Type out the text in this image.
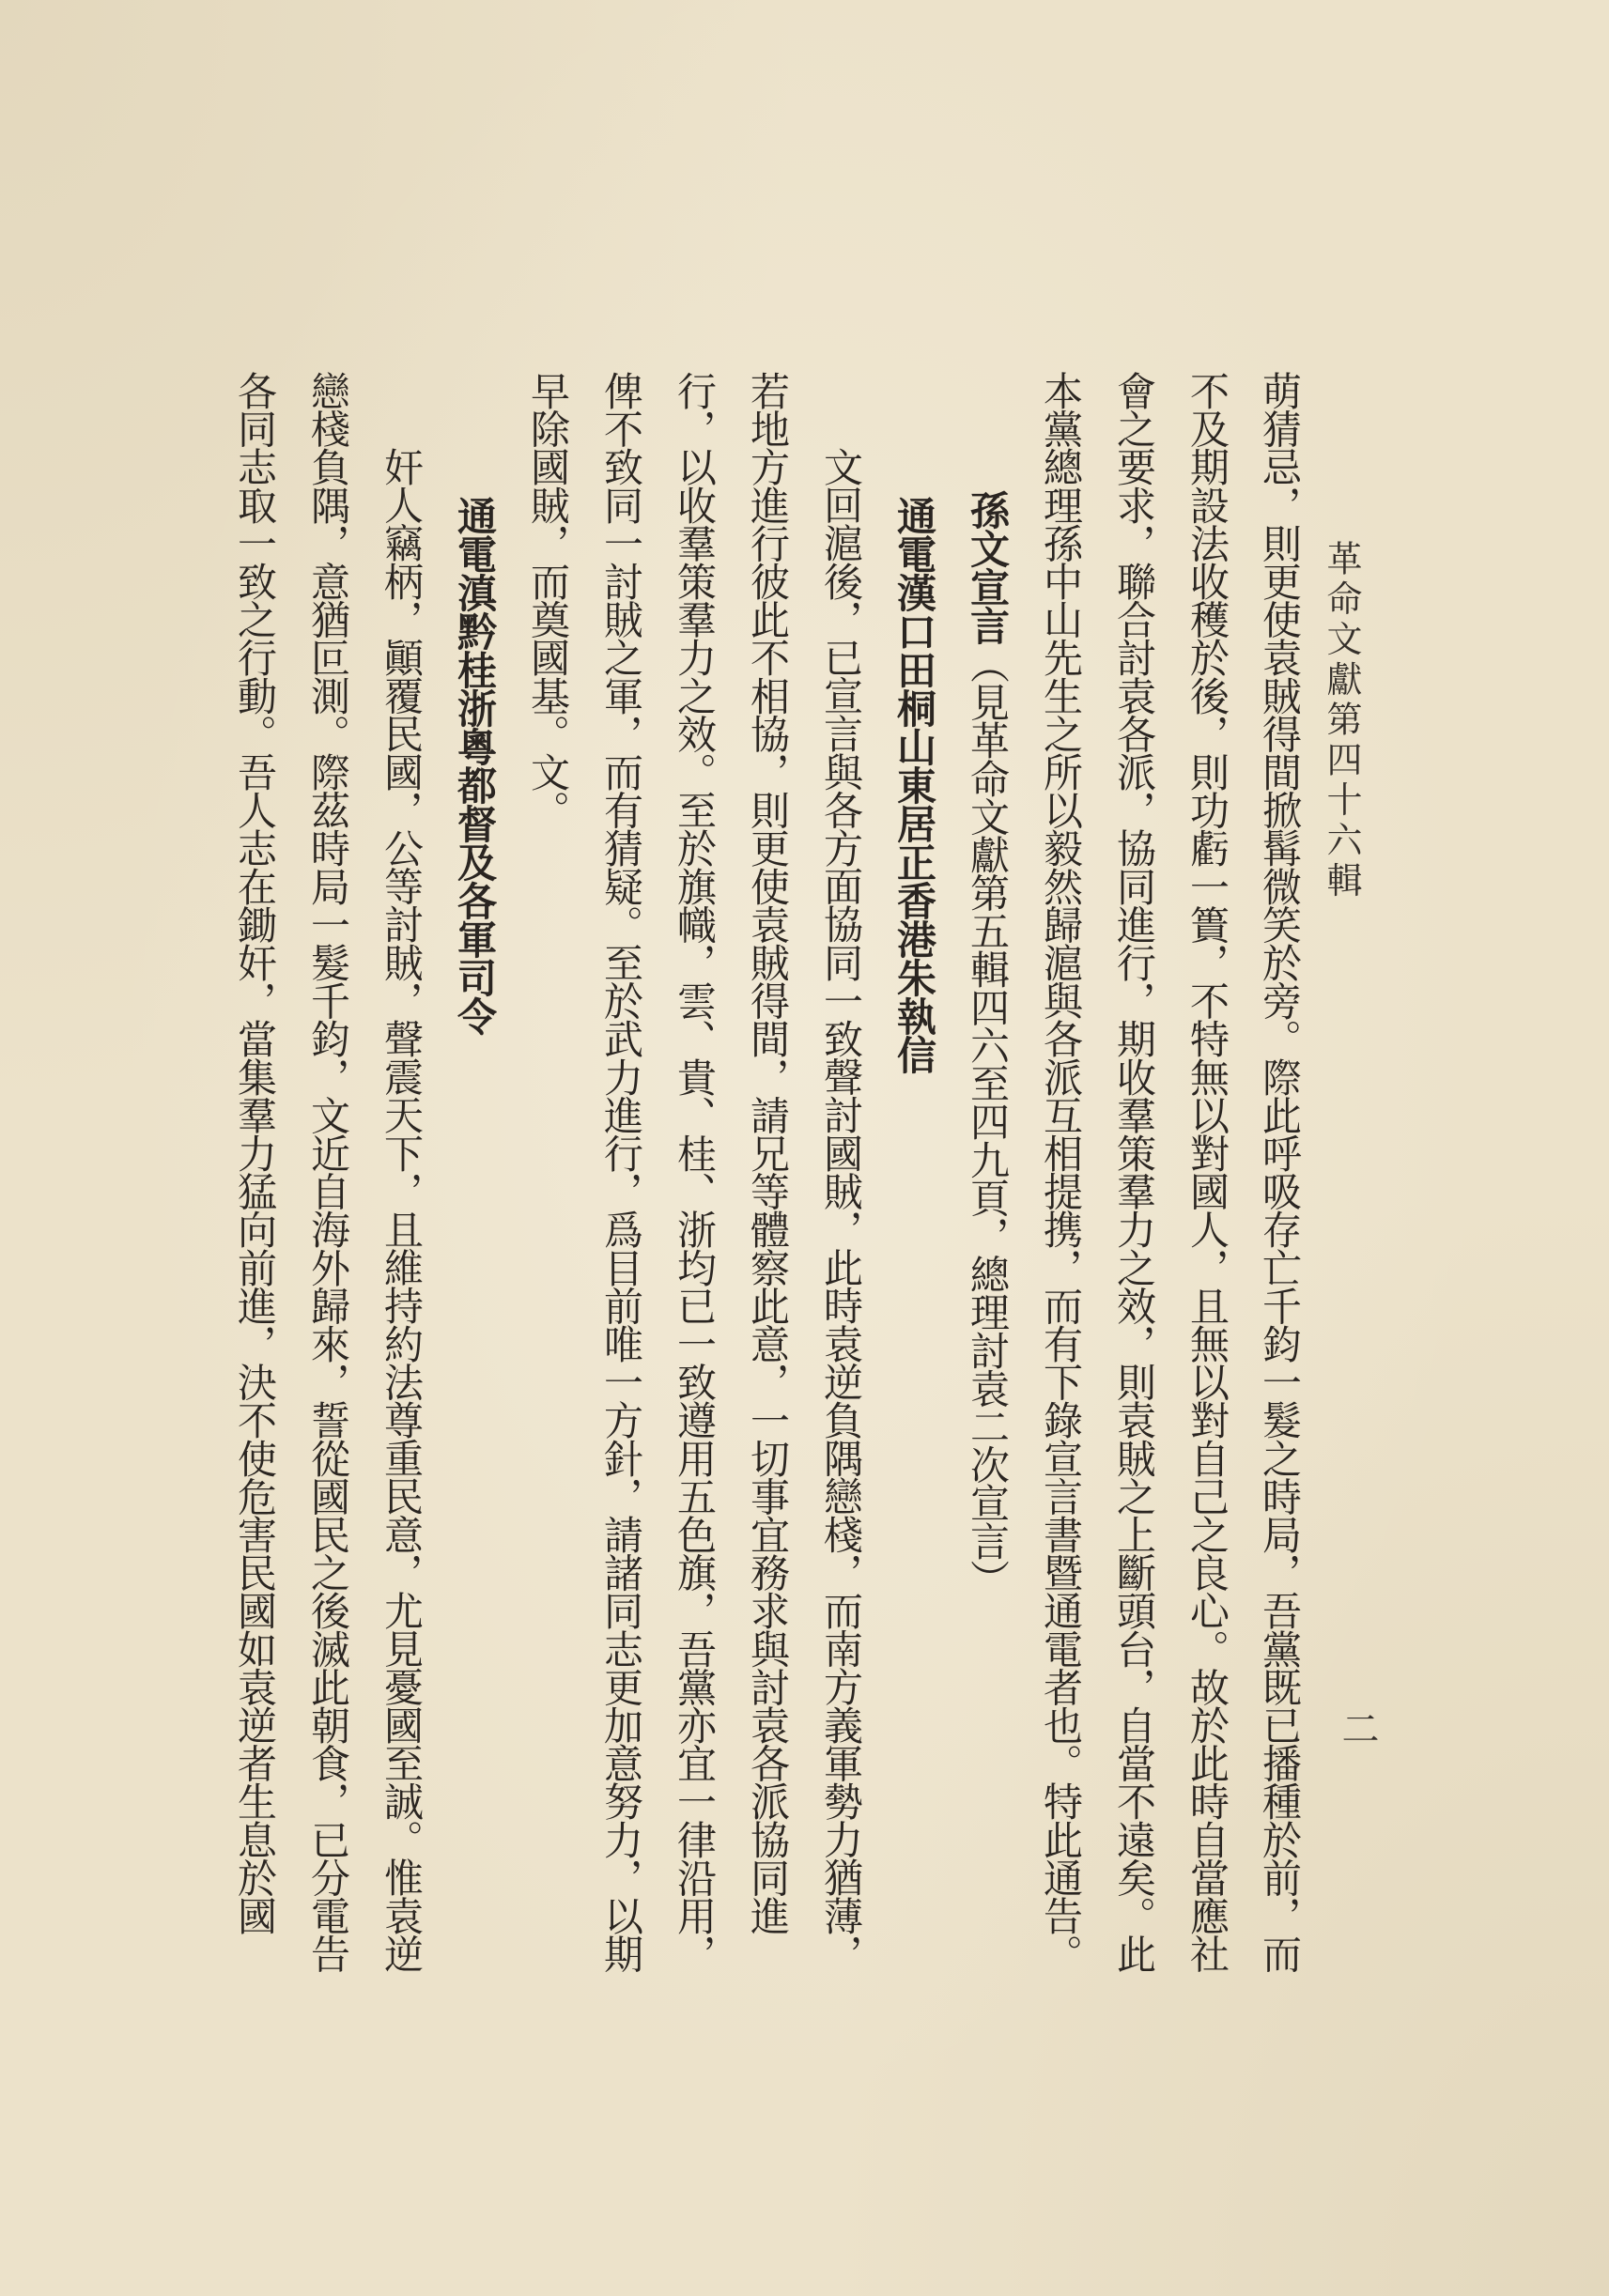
革命文獻第四十六輯
二
萌猜忌，則更使袁賊得間掀髯微笑於旁。際此呼吸存亡千鈞一髮之時局，吾黨既已播種於前，而
不及期設法收穫於後，則功虧一簣，不特無以對國人，且無以對自己之良心。故於此時自當應社
會之要求，聯合討袁各派，協同進行，期收羣策羣力之效，則袁賊之上斷頭台，自當不遠矣。此
本黨總理孫中山先生之所以毅然歸滬與各派互相提携，而有下錄宣言書暨通電者也。特此通告。
孫文宣言（見革命文獻第五輯四六至四九頁，總理討袁二次宣言）
通電漢口田桐山東居正香港朱執信
文回滬後，已宣言與各方面協同一致聲討國賊，此時袁逆負隅戀棧，而南方義軍勢力猶薄，
若地方進行彼此不相協，則更使袁賊得間，請兄等體察此意，一切事宜務求與討袁各派協同進
行，以收羣策羣力之效。至於旗幟，雲、貴、桂、浙均已一致遵用五色旗，吾黨亦宜一律沿用，
俾不致同一討賊之軍，而有猜疑。至於武力進行，爲目前唯一方針，請諸同志更加意努力，以期
早除國賊，而奠國基。文。
通電滇黔桂浙粵都督及各軍司令
奸人竊柄，顚覆民國，公等討賊，聲震天下，且維持約法尊重民意，尤見憂國至誠。惟袁逆
戀棧負隅，意猶叵測。際茲時局一髮千鈞，文近自海外歸來，誓從國民之後滅此朝食，已分電告
各同志取一致之行動。吾人志在鋤奸，當集羣力猛向前進，決不使危害民國如袁逆者生息於國
